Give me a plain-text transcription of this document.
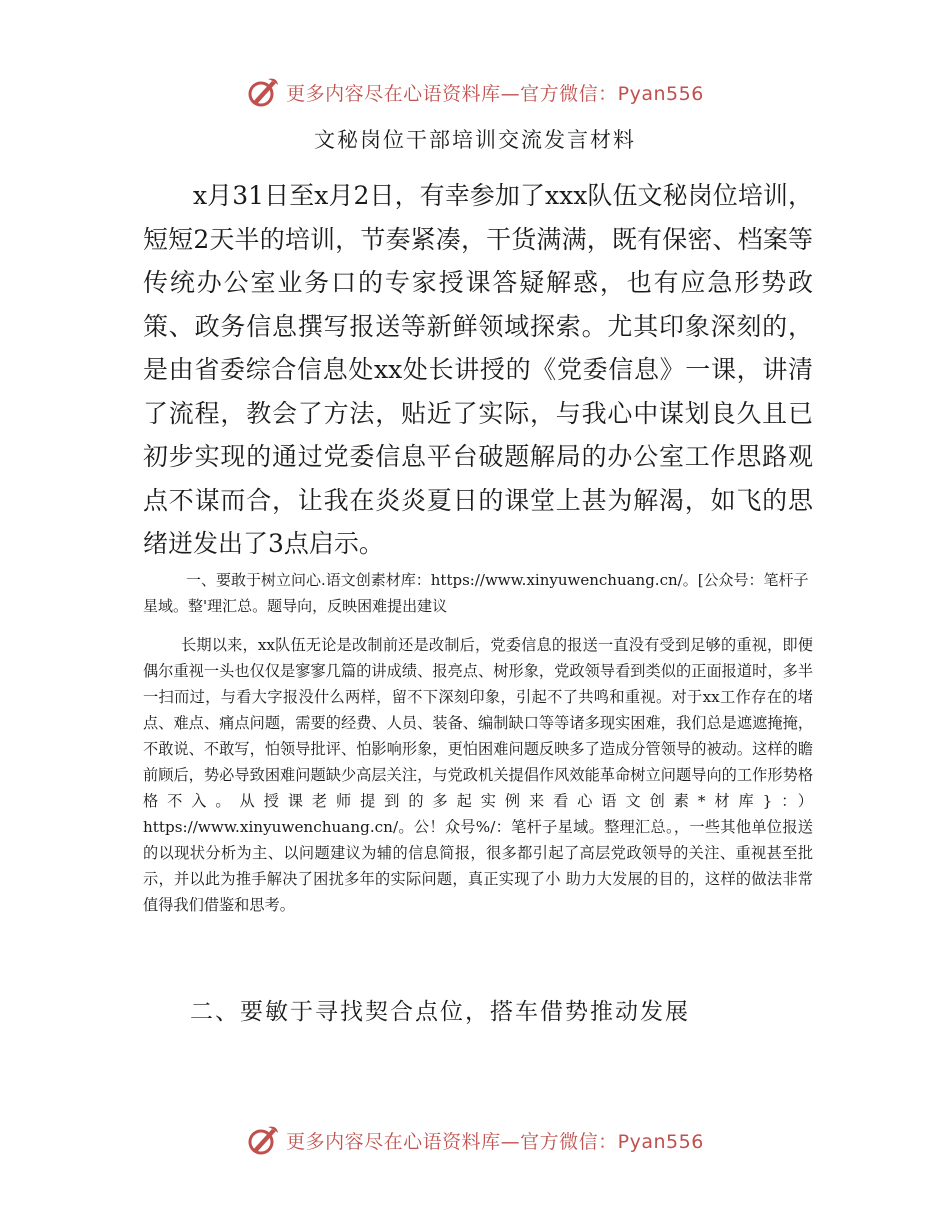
更多内容尽在心语资料库—官方微信：Pyan556
文秘岗位干部培训交流发言材料

x月31日至x月2日，有幸参加了xxx队伍文秘岗位培训，短短2天半的培训，节奏紧凑，干货满满，既有保密、档案等传统办公室业务口的专家授课答疑解惑，也有应急形势政策、政务信息撰写报送等新鲜领域探索。尤其印象深刻的，是由省委综合信息处xx处长讲授的《党委信息》一课，讲清了流程，教会了方法，贴近了实际，与我心中谋划良久且已初步实现的通过党委信息平台破题解局的办公室工作思路观点不谋而合，让我在炎炎夏日的课堂上甚为解渴，如飞的思绪迸发出了3点启示。

一、要敢于树立问心.语文创素材库：https://www.xinyuwenchuang.cn/。[公众号：笔杆子星域。整'理汇总。题导向，反映困难提出建议

长期以来，xx队伍无论是改制前还是改制后，党委信息的报送一直没有受到足够的重视，即便偶尔重视一头也仅仅是寥寥几篇的讲成绩、报亮点、树形象，党政领导看到类似的正面报道时，多半一扫而过，与看大字报没什么两样，留不下深刻印象，引起不了共鸣和重视。对于xx工作存在的堵点、难点、痛点问题，需要的经费、人员、装备、编制缺口等等诸多现实困难，我们总是遮遮掩掩，不敢说、不敢写，怕领导批评、怕影响形象，更怕困难问题反映多了造成分管领导的被动。这样的瞻前顾后，势必导致困难问题缺少高层关注，与党政机关提倡作风效能革命树立问题导向的工作形势格格不入。从授课老师提到的多起实例来看心语文创素*材库}：）https://www.xinyuwenchuang.cn/。公！众号%/：笔杆子星域。整理汇总。，一些其他单位报送的以现状分析为主、以问题建议为辅的信息简报，很多都引起了高层党政领导的关注、重视甚至批示，并以此为推手解决了困扰多年的实际问题，真正实现了小 助力大发展的目的，这样的做法非常值得我们借鉴和思考。

二、要敏于寻找契合点位，搭车借势推动发展

更多内容尽在心语资料库—官方微信：Pyan556
